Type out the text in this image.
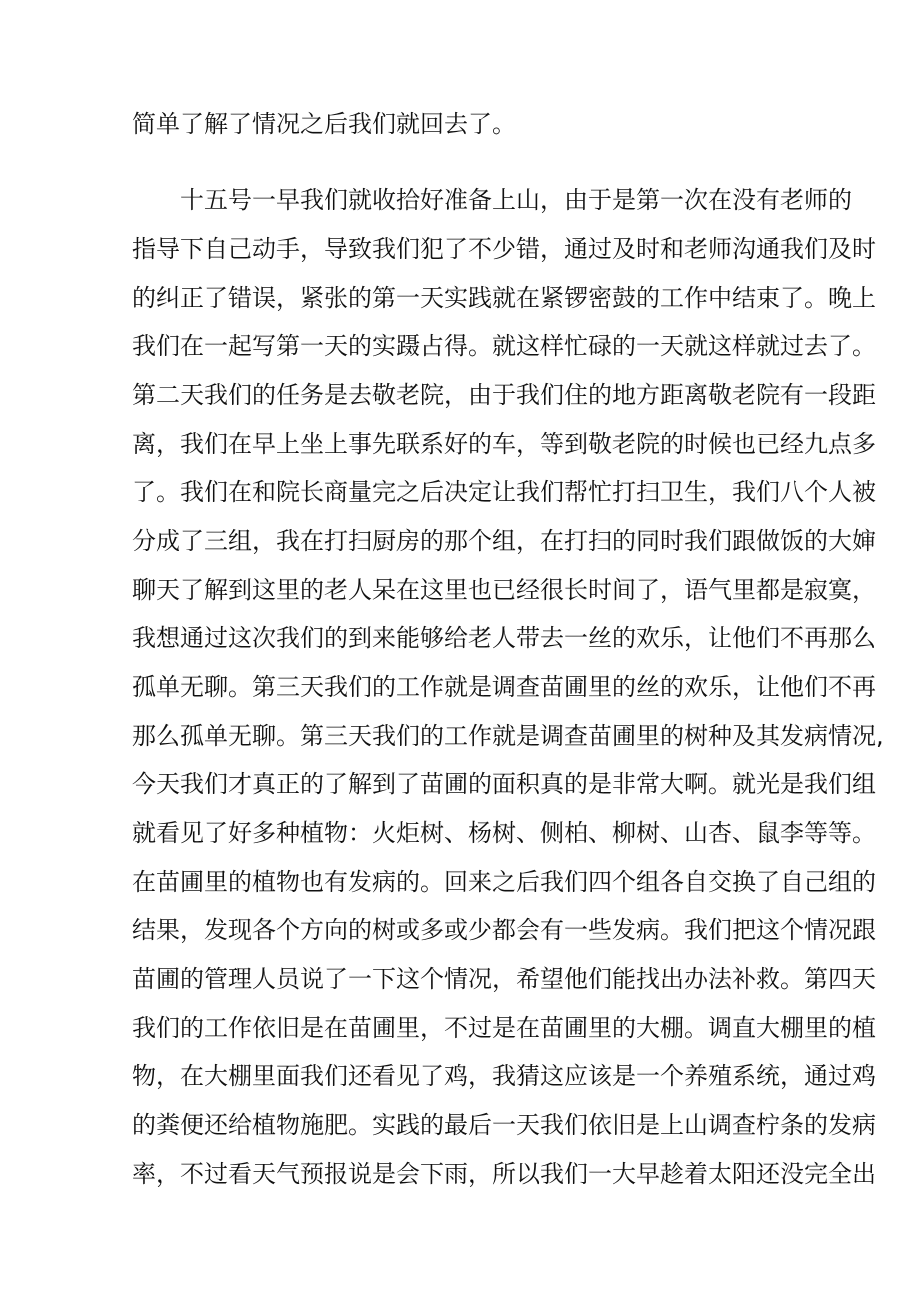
简单了解了情况之后我们就回去了。
十五号一早我们就收拾好准备上山，由于是第一次在没有老师的
指导下自己动手，导致我们犯了不少错，通过及时和老师沟通我们及时
的纠正了错误，紧张的第一天实践就在紧锣密鼓的工作中结束了。晚上
我们在一起写第一天的实蹑占得。就这样忙碌的一天就这样就过去了。
第二天我们的任务是去敬老院，由于我们住的地方距离敬老院有一段距
离，我们在早上坐上事先联系好的车，等到敬老院的时候也已经九点多
了。我们在和院长商量完之后决定让我们帮忙打扫卫生，我们八个人被
分成了三组，我在打扫厨房的那个组，在打扫的同时我们跟做饭的大婶
聊天了解到这里的老人呆在这里也已经很长时间了，语气里都是寂寞，
我想通过这次我们的到来能够给老人带去一丝的欢乐，让他们不再那么
孤单无聊。第三天我们的工作就是调查苗圃里的丝的欢乐，让他们不再
那么孤单无聊。第三天我们的工作就是调查苗圃里的树种及其发病情况,
今天我们才真正的了解到了苗圃的面积真的是非常大啊。就光是我们组
就看见了好多种植物：火炬树、杨树、侧柏、柳树、山杏、鼠李等等。
在苗圃里的植物也有发病的。回来之后我们四个组各自交换了自己组的
结果，发现各个方向的树或多或少都会有一些发病。我们把这个情况跟
苗圃的管理人员说了一下这个情况，希望他们能找出办法补救。第四天
我们的工作依旧是在苗圃里，不过是在苗圃里的大棚。调直大棚里的植
物，在大棚里面我们还看见了鸡，我猜这应该是一个养殖系统，通过鸡
的粪便还给植物施肥。实践的最后一天我们依旧是上山调查柠条的发病
率，不过看天气预报说是会下雨，所以我们一大早趁着太阳还没完全出
